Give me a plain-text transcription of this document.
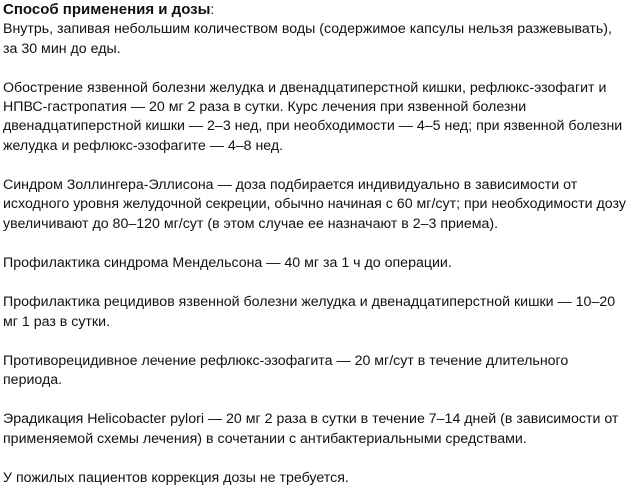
Способ применения и дозы:

Внутрь, запивая небольшим количеством воды (содержимое капсулы нельзя разжевывать), за 30 мин до еды.

Обострение язвенной болезни желудка и двенадцатиперстной кишки, рефлюкс-эзофагит и НПВС-гастропатия — 20 мг 2 раза в сутки. Курс лечения при язвенной болезни двенадцатиперстной кишки — 2–3 нед, при необходимости — 4–5 нед; при язвенной болезни желудка и рефлюкс-эзофагите — 4–8 нед.

Синдром Золлингера-Эллисона — доза подбирается индивидуально в зависимости от исходного уровня желудочной секреции, обычно начиная с 60 мг/сут; при необходимости дозу увеличивают до 80–120 мг/сут (в этом случае ее назначают в 2–3 приема).

Профилактика синдрома Мендельсона — 40 мг за 1 ч до операции.

Профилактика рецидивов язвенной болезни желудка и двенадцатиперстной кишки — 10–20 мг 1 раз в сутки.

Противорецидивное лечение рефлюкс-эзофагита — 20 мг/сут в течение длительного периода.

Эрадикация Helicobacter pylori — 20 мг 2 раза в сутки в течение 7–14 дней (в зависимости от применяемой схемы лечения) в сочетании с антибактериальными средствами.

У пожилых пациентов коррекция дозы не требуется.
